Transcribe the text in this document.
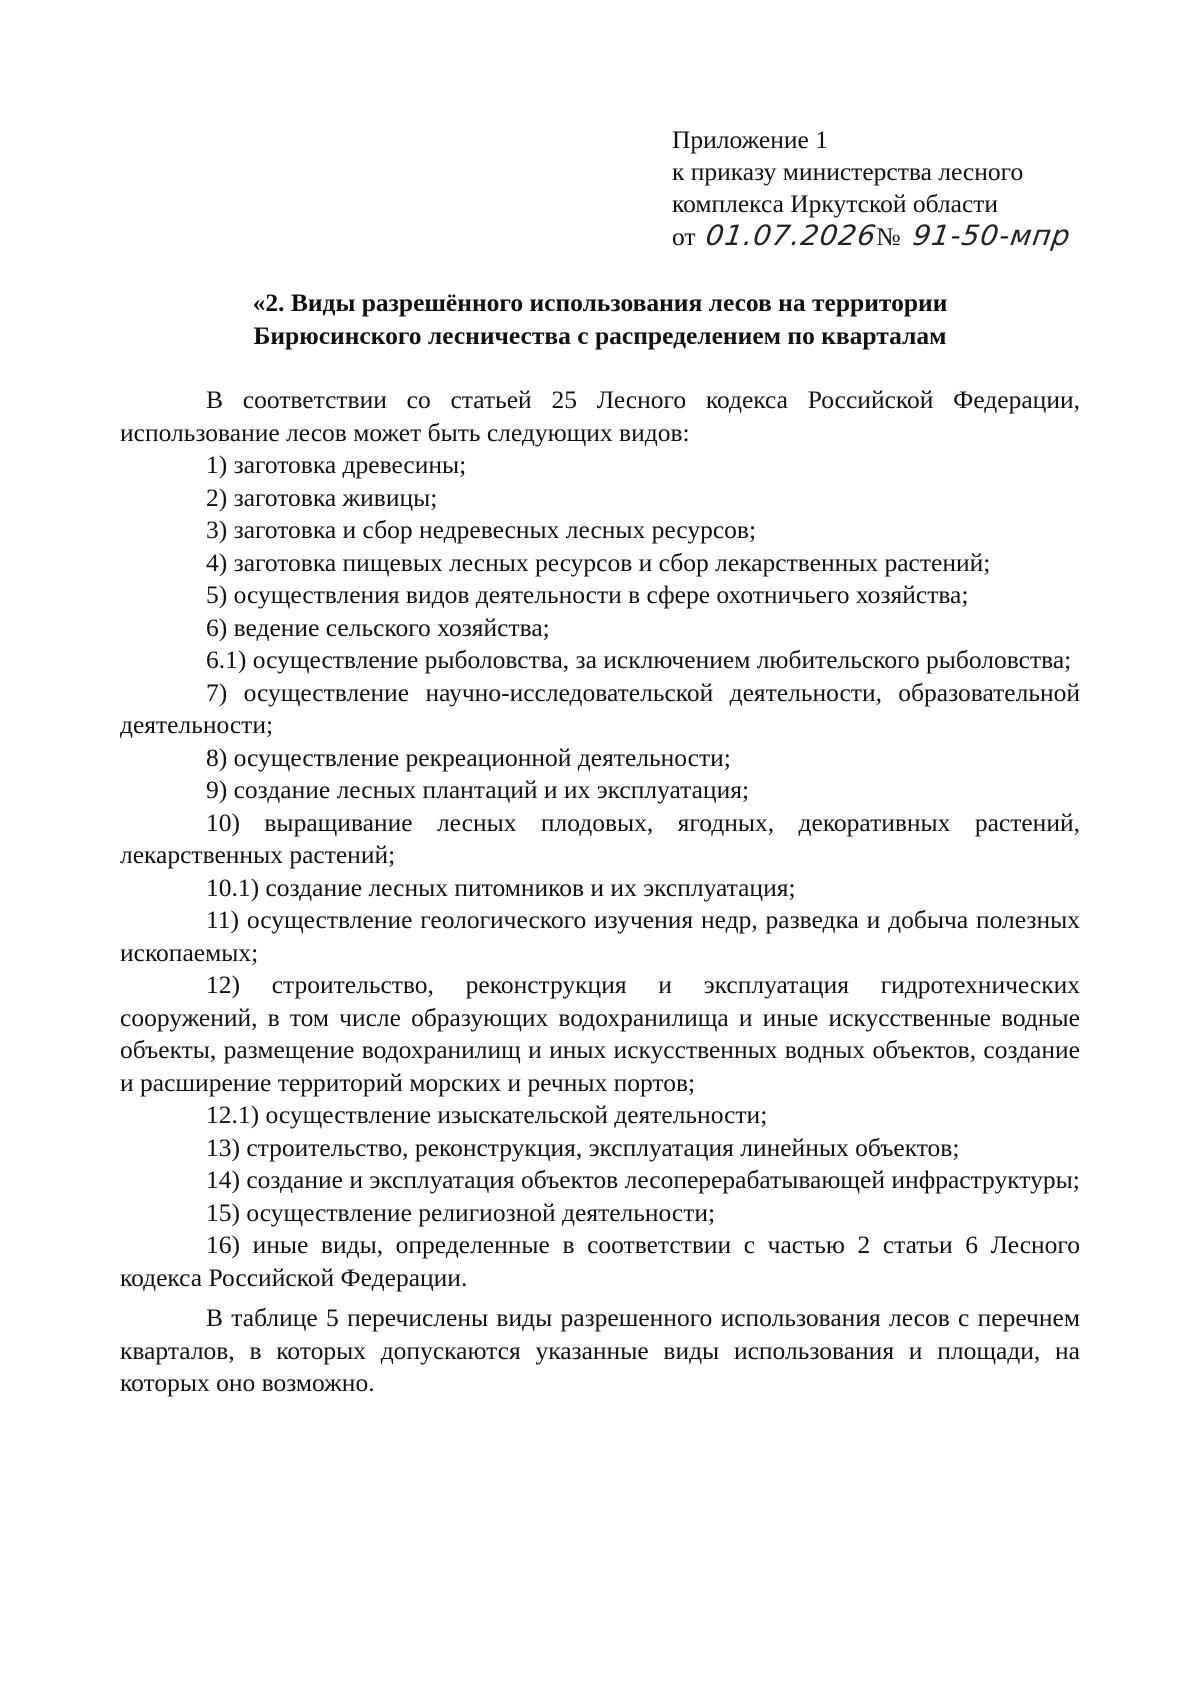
Приложение 1
к приказу министерства лесного
комплекса Иркутской области
от 01.07.2026№ 91-50-мпр
«2. Виды разрешённого использования лесов на территории
Бирюсинского лесничества с распределением по кварталам

В соответствии со статьей 25 Лесного кодекса Российской Федерации, использование лесов может быть следующих видов:

1) заготовка древесины;

2) заготовка живицы;

3) заготовка и сбор недревесных лесных ресурсов;

4) заготовка пищевых лесных ресурсов и сбор лекарственных растений;

5) осуществления видов деятельности в сфере охотничьего хозяйства;

6) ведение сельского хозяйства;

6.1) осуществление рыболовства, за исключением любительского рыболовства;

7) осуществление научно-исследовательской деятельности, образовательной деятельности;

8) осуществление рекреационной деятельности;

9) создание лесных плантаций и их эксплуатация;

10) выращивание лесных плодовых, ягодных, декоративных растений, лекарственных растений;

10.1) создание лесных питомников и их эксплуатация;

11) осуществление геологического изучения недр, разведка и добыча полезных ископаемых;

12) строительство, реконструкция и эксплуатация гидротехнических сооружений, в том числе образующих водохранилища и иные искусственные водные объекты, размещение водохранилищ и иных искусственных водных объектов, создание и расширение территорий морских и речных портов;

12.1) осуществление изыскательской деятельности;

13) строительство, реконструкция, эксплуатация линейных объектов;

14) создание и эксплуатация объектов лесоперерабатывающей инфраструктуры;

15) осуществление религиозной деятельности;

16) иные виды, определенные в соответствии с частью 2 статьи 6 Лесного кодекса Российской Федерации.

В таблице 5 перечислены виды разрешенного использования лесов с перечнем кварталов, в которых допускаются указанные виды использования и площади, на которых оно возможно.
